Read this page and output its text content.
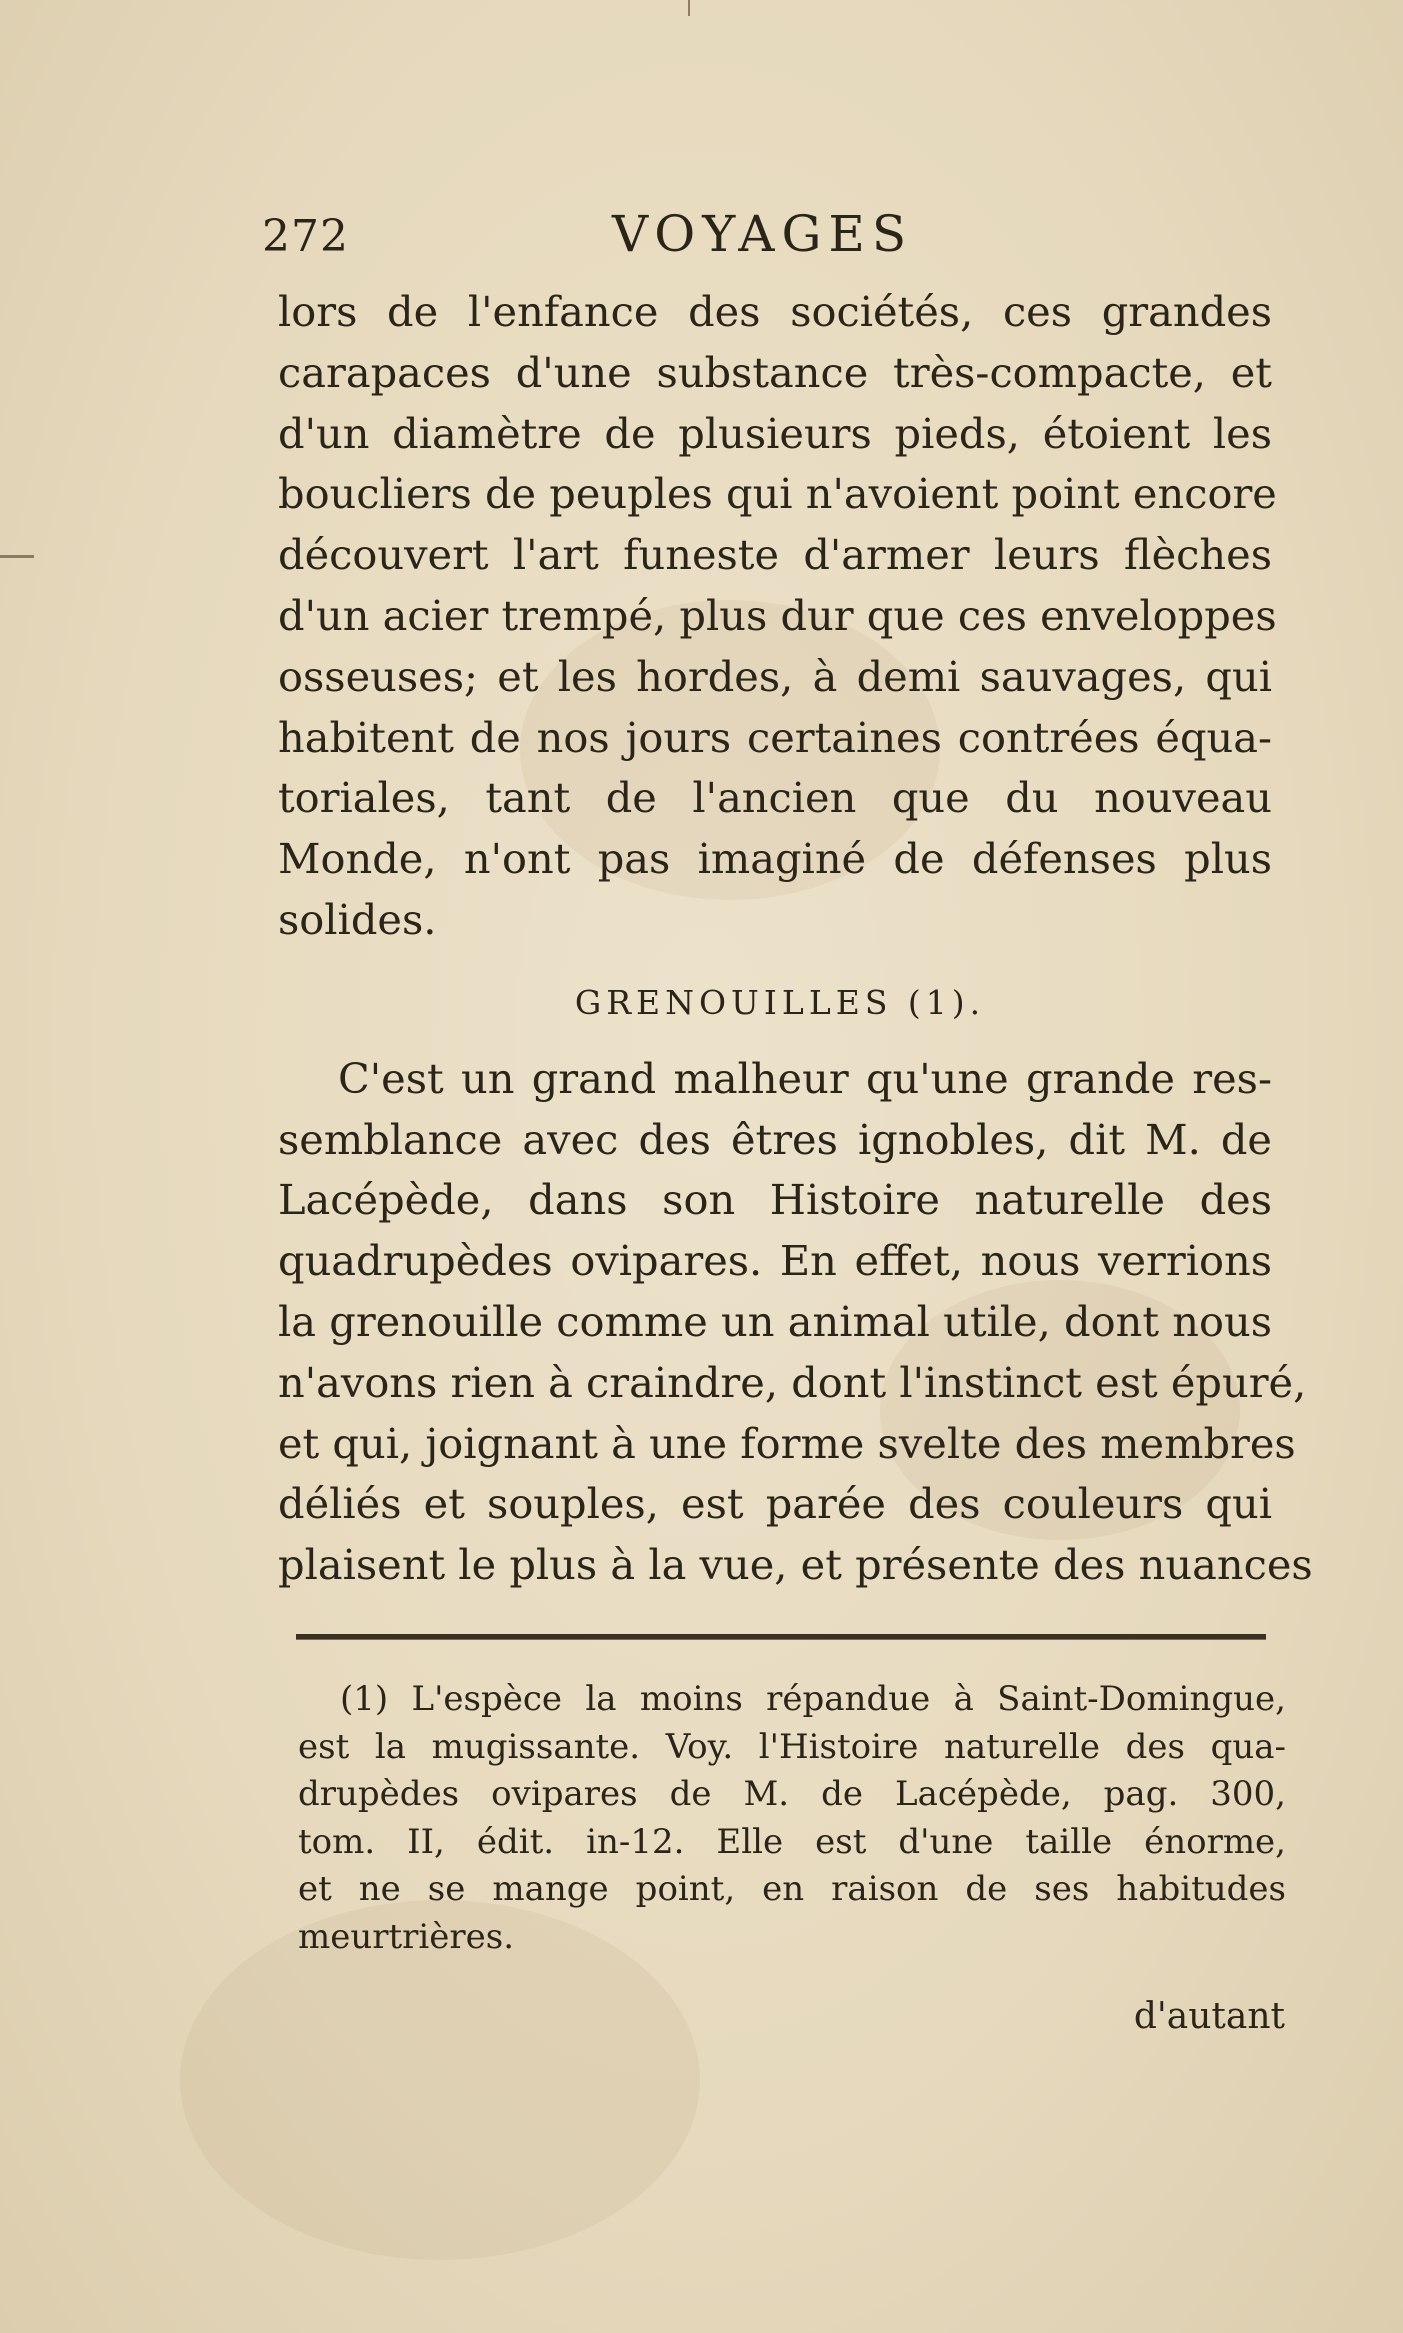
272	VOYAGES
lors de l'enfance des sociétés, ces grandes
carapaces d'une substance très-compacte, et
d'un diamètre de plusieurs pieds, étoient les
boucliers de peuples qui n'avoient point encore
découvert l'art funeste d'armer leurs flèches
d'un acier trempé, plus dur que ces enveloppes
osseuses; et les hordes, à demi sauvages, qui
habitent de nos jours certaines contrées équa-
toriales, tant de l'ancien que du nouveau
Monde, n'ont pas imaginé de défenses plus
solides.
GRENOUILLES (1).
C'est un grand malheur qu'une grande res-
semblance avec des êtres ignobles, dit M. de
Lacépède, dans son Histoire naturelle des
quadrupèdes ovipares. En effet, nous verrions
la grenouille comme un animal utile, dont nous
n'avons rien à craindre, dont l'instinct est épuré,
et qui, joignant à une forme svelte des membres
déliés et souples, est parée des couleurs qui
plaisent le plus à la vue, et présente des nuances
(1) L'espèce la moins répandue à Saint-Domingue,
est la mugissante. Voy. l'Histoire naturelle des qua-
drupèdes ovipares de M. de Lacépède, pag. 300,
tom. II, édit. in-12. Elle est d'une taille énorme,
et ne se mange point, en raison de ses habitudes
meurtrières.
d'autant
